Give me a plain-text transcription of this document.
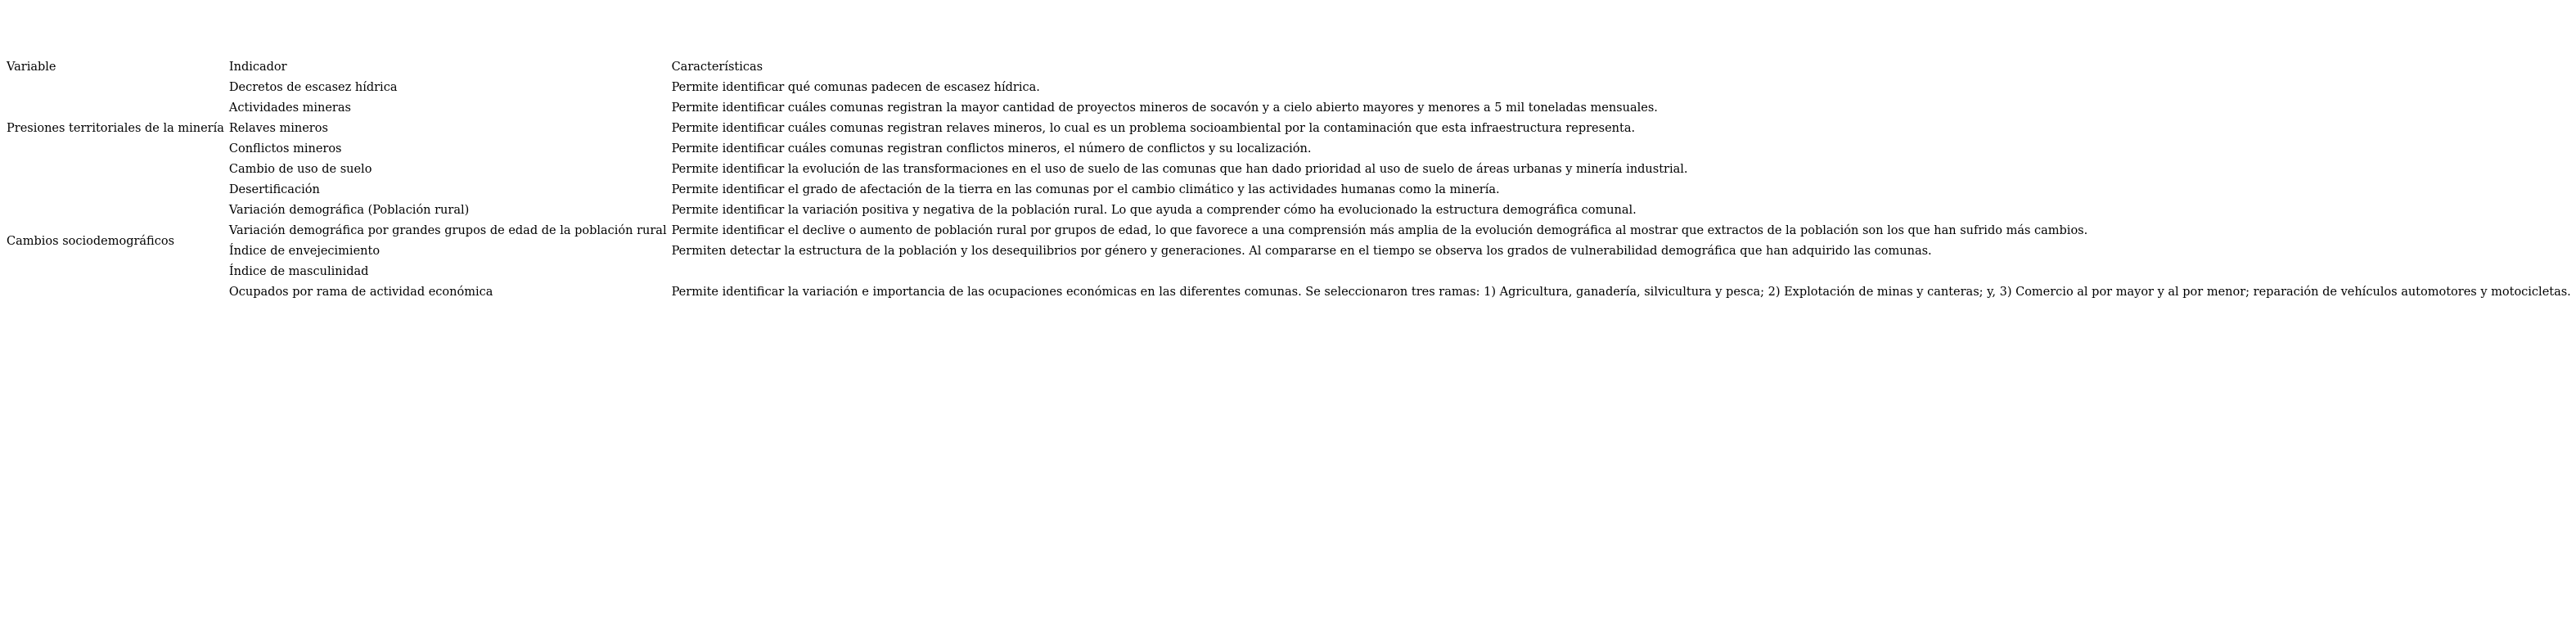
Variable	Indicador	Características
Presiones territoriales de la minería	Decretos de escasez hídrica	Permite identificar qué comunas padecen de escasez hídrica.
	Actividades mineras	Permite identificar cuáles comunas registran la mayor cantidad de proyectos mineros de socavón y a cielo abierto mayores y menores a 5 mil toneladas mensuales.
	Relaves mineros	Permite identificar cuáles comunas registran relaves mineros, lo cual es un problema socioambiental por la contaminación que esta infraestructura representa.
	Conflictos mineros	Permite identificar cuáles comunas registran conflictos mineros, el número de conflictos y su localización.
	Cambio de uso de suelo	Permite identificar la evolución de las transformaciones en el uso de suelo de las comunas que han dado prioridad al uso de suelo de áreas urbanas y minería industrial.
Cambios sociodemográficos	Desertificación	Permite identificar el grado de afectación de la tierra en las comunas por el cambio climático y las actividades humanas como la minería.
	Variación demográfica (Población rural)	Permite identificar la variación positiva y negativa de la población rural. Lo que ayuda a comprender cómo ha evolucionado la estructura demográfica comunal.
	Variación demográfica por grandes grupos de edad de la población rural	Permite identificar el declive o aumento de población rural por grupos de edad, lo que favorece a una comprensión más amplia de la evolución demográfica al mostrar que extractos de la población son los que han sufrido más cambios.
	Índice de envejecimiento	Permiten detectar la estructura de la población y los desequilibrios por género y generaciones. Al compararse en el tiempo se observa los grados de vulnerabilidad demográfica que han adquirido las comunas.
	Índice de masculinidad	
	Ocupados por rama de actividad económica	Permite identificar la variación e importancia de las ocupaciones económicas en las diferentes comunas. Se seleccionaron tres ramas: 1) Agricultura, ganadería, silvicultura y pesca; 2) Explotación de minas y canteras; y, 3) Comercio al por mayor y al por menor; reparación de vehículos automotores y motocicletas.
